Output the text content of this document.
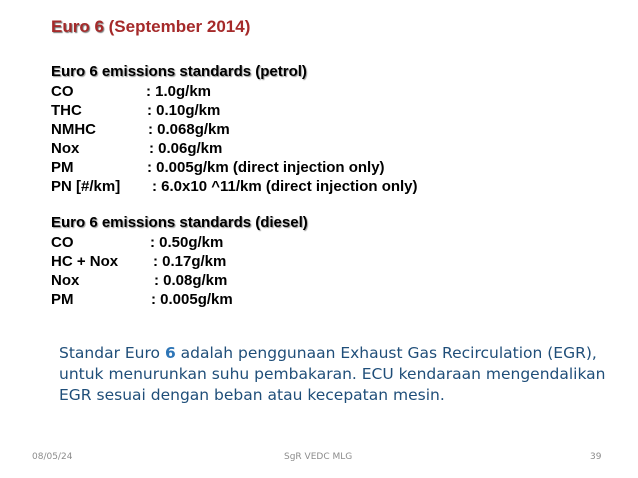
Euro 6 (September 2014)
Euro 6 emissions standards (petrol)
CO	: 1.0g/km
THC	: 0.10g/km
NMHC	: 0.068g/km
Nox	: 0.06g/km
PM	: 0.005g/km (direct injection only)
PN [#/km] : 6.0x10 ^11/km (direct injection only)
Euro 6 emissions standards (diesel)
CO	: 0.50g/km
HC + Nox : 0.17g/km
Nox	: 0.08g/km
PM	: 0.005g/km
Standar Euro 6 adalah penggunaan Exhaust Gas Recirculation (EGR), untuk menurunkan suhu pembakaran. ECU kendaraan mengendalikan EGR sesuai dengan beban atau kecepatan mesin.
08/05/24	SgR VEDC MLG	39
